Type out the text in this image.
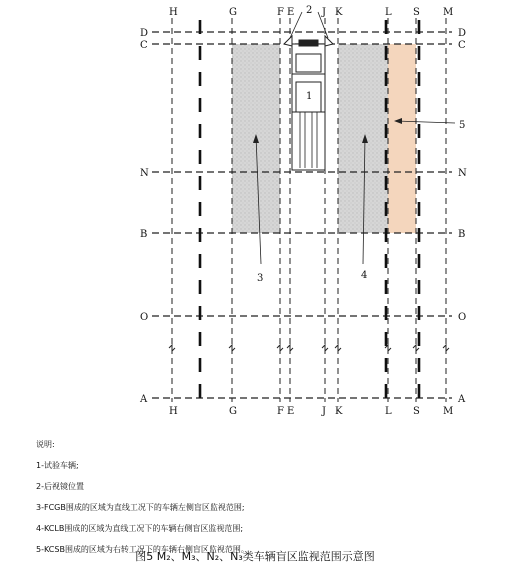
D	D
C	C
N	N
B	B
O	O
A	A
H
H
G
G
F
F
E
E
J
J
K
K
L
L
S
S
M
M
1
2
3	4
5
说明:
1-试验车辆;
2-后视镜位置
3-FCGB围成的区域为直线工况下的车辆左侧盲区监视范围;
4-KCLB围成的区域为直线工况下的车辆右侧盲区监视范围;
5-KCSB围成的区域为右转工况下的车辆右侧盲区监视范围。
图5 M₂、M₃、N₂、N₃类车辆盲区监视范围示意图
